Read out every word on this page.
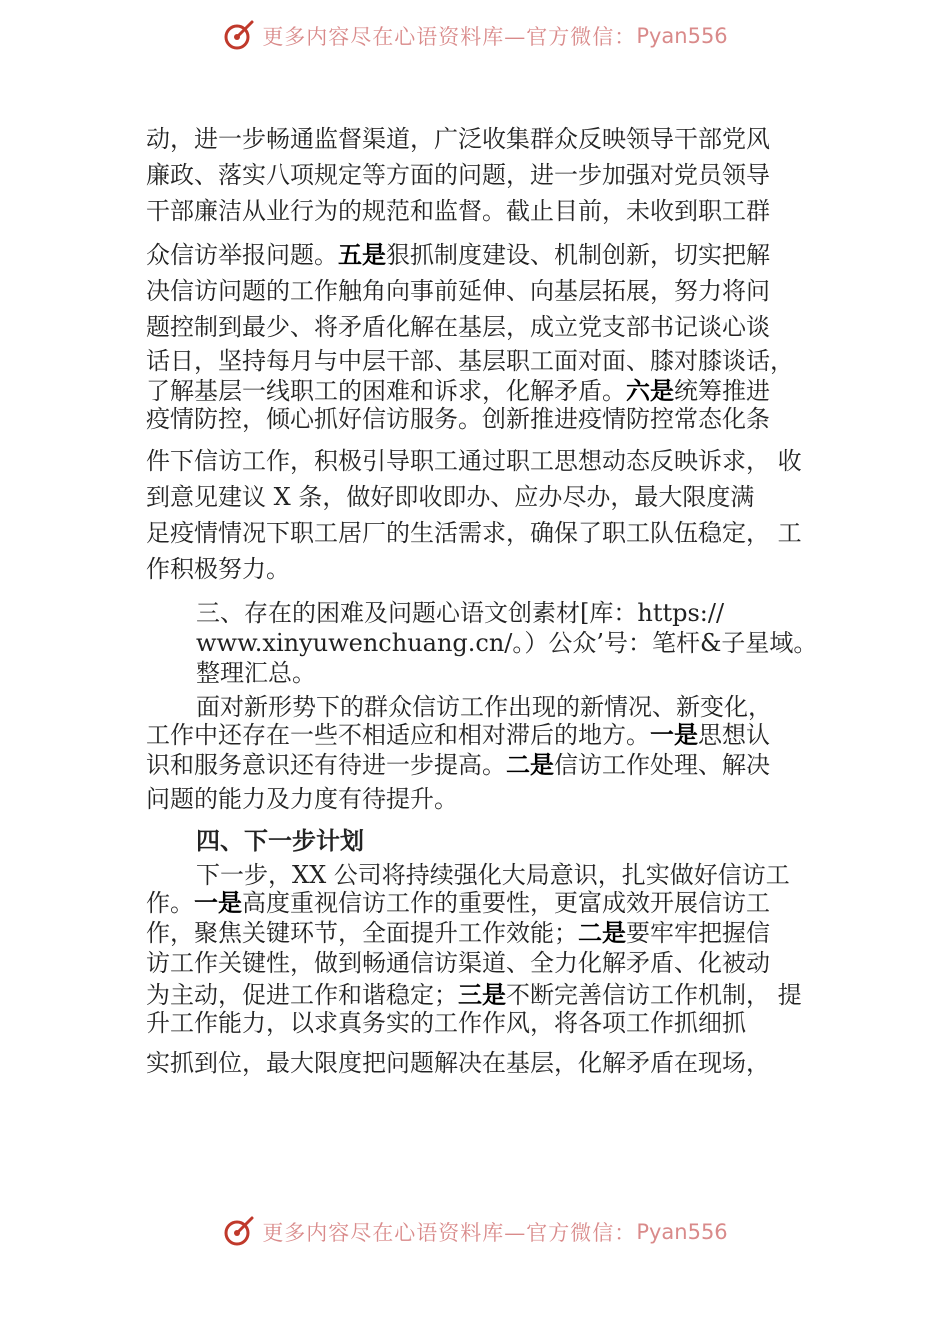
更多内容尽在心语资料库—官方微信： Pyan556
动，进一步畅通监督渠道，广泛收集群众反映领导干部党风
廉政、落实八项规定等方面的问题，进一步加强对党员领导
干部廉洁从业行为的规范和监督。截止目前，未收到职工群
众信访举报问题。五是狠抓制度建设、机制创新，切实把解
决信访问题的工作触角向事前延伸、向基层拓展，努力将问
题控制到最少、将矛盾化解在基层，成立党支部书记谈心谈
话日，坚持每月与中层干部、基层职工面对面、膝对膝谈话，
了解基层一线职工的困难和诉求，化解矛盾。六是统筹推进
疫情防控，倾心抓好信访服务。创新推进疫情防控常态化条
件下信访工作，积极引导职工通过职工思想动态反映诉求， 收
到意见建议 X 条，做好即收即办、应办尽办，最大限度满
足疫情情况下职工居厂的生活需求，确保了职工队伍稳定， 工
作积极努力。
三、存在的困难及问题心语文创素材[库：https://
www.xinyuwenchuang.cn/。）公众’号：笔杆&子星域。
整理汇总。
面对新形势下的群众信访工作出现的新情况、新变化，
工作中还存在一些不相适应和相对滞后的地方。一是思想认
识和服务意识还有待进一步提高。二是信访工作处理、解决
问题的能力及力度有待提升。
四、下一步计划
下一步，XX 公司将持续强化大局意识，扎实做好信访工
作。一是高度重视信访工作的重要性，更富成效开展信访工
作，聚焦关键环节，全面提升工作效能；二是要牢牢把握信
访工作关键性，做到畅通信访渠道、全力化解矛盾、化被动
为主动，促进工作和谐稳定；三是不断完善信访工作机制， 提
升工作能力，以求真务实的工作作风，将各项工作抓细抓
实抓到位，最大限度把问题解决在基层，化解矛盾在现场，
更多内容尽在心语资料库—官方微信： Pyan556
